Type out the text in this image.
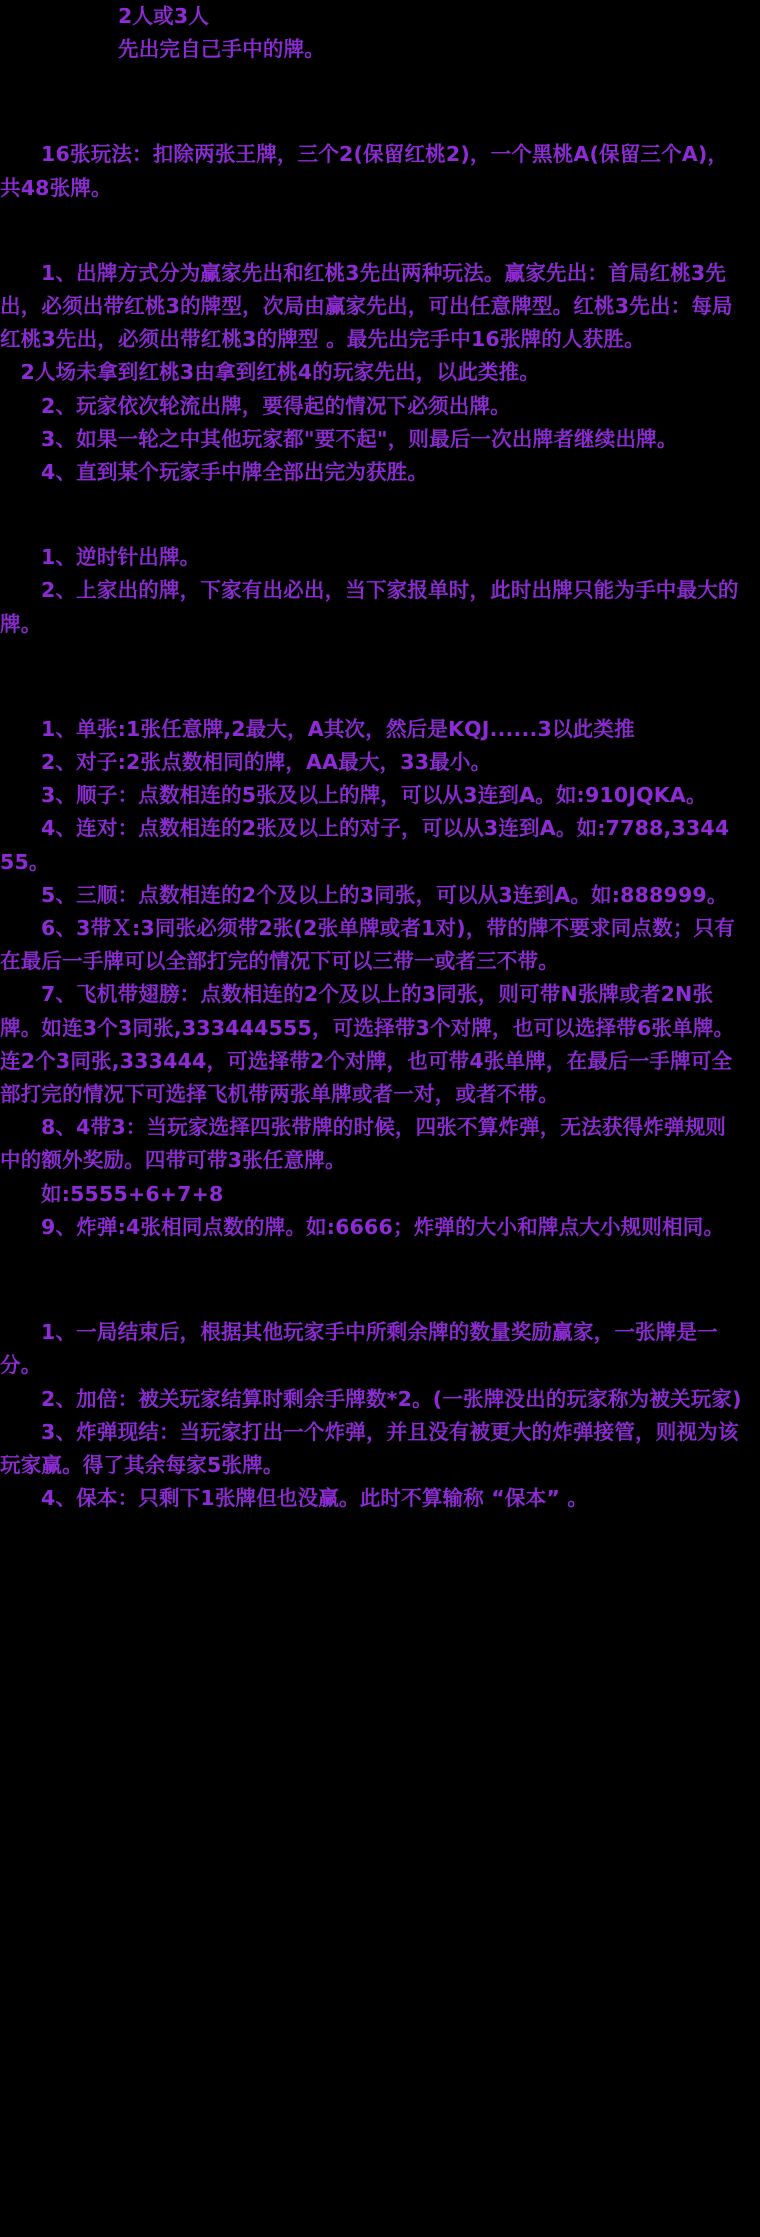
2人或3人
先出完自己手中的牌。
16张玩法：扣除两张王牌，三个2(保留红桃2)，一个黑桃A(保留三个A)，共48张牌。
1、出牌方式分为赢家先出和红桃3先出两种玩法。赢家先出：首局红桃3先出，必须出带红桃3的牌型，次局由赢家先出，可出任意牌型。红桃3先出：每局红桃3先出，必须出带红桃3的牌型 。最先出完手中16张牌的人获胜。
2人场未拿到红桃3由拿到红桃4的玩家先出，以此类推。
2、玩家依次轮流出牌，要得起的情况下必须出牌。
3、如果一轮之中其他玩家都"要不起"，则最后一次出牌者继续出牌。
4、直到某个玩家手中牌全部出完为获胜。
1、逆时针出牌。
2、上家出的牌，下家有出必出，当下家报单时，此时出牌只能为手中最大的牌。
1、单张:1张任意牌,2最大，A其次，然后是KQJ......3以此类推
2、对子:2张点数相同的牌，AA最大，33最小。
3、顺子：点数相连的5张及以上的牌，可以从3连到A。如:910JQKA。
4、连对：点数相连的2张及以上的对子，可以从3连到A。如:7788,334455。
5、三顺：点数相连的2个及以上的3同张，可以从3连到A。如:888999。
6、3带Ｘ:3同张必须带2张(2张单牌或者1对)，带的牌不要求同点数；只有在最后一手牌可以全部打完的情况下可以三带一或者三不带。
7、飞机带翅膀：点数相连的2个及以上的3同张，则可带N张牌或者2N张牌。如连3个3同张,333444555，可选择带3个对牌，也可以选择带6张单牌。连2个3同张,333444，可选择带2个对牌，也可带4张单牌，在最后一手牌可全部打完的情况下可选择飞机带两张单牌或者一对，或者不带。
8、4带3：当玩家选择四张带牌的时候，四张不算炸弹，无法获得炸弹规则中的额外奖励。四带可带3张任意牌。
如:5555+6+7+8
9、炸弹:4张相同点数的牌。如:6666；炸弹的大小和牌点大小规则相同。
1、一局结束后，根据其他玩家手中所剩余牌的数量奖励赢家，一张牌是一分。
2、加倍：被关玩家结算时剩余手牌数*2。(一张牌没出的玩家称为被关玩家)
3、炸弹现结：当玩家打出一个炸弹，并且没有被更大的炸弹接管，则视为该玩家赢。得了其余每家5张牌。
4、保本：只剩下1张牌但也没赢。此时不算输称 “保本” 。
